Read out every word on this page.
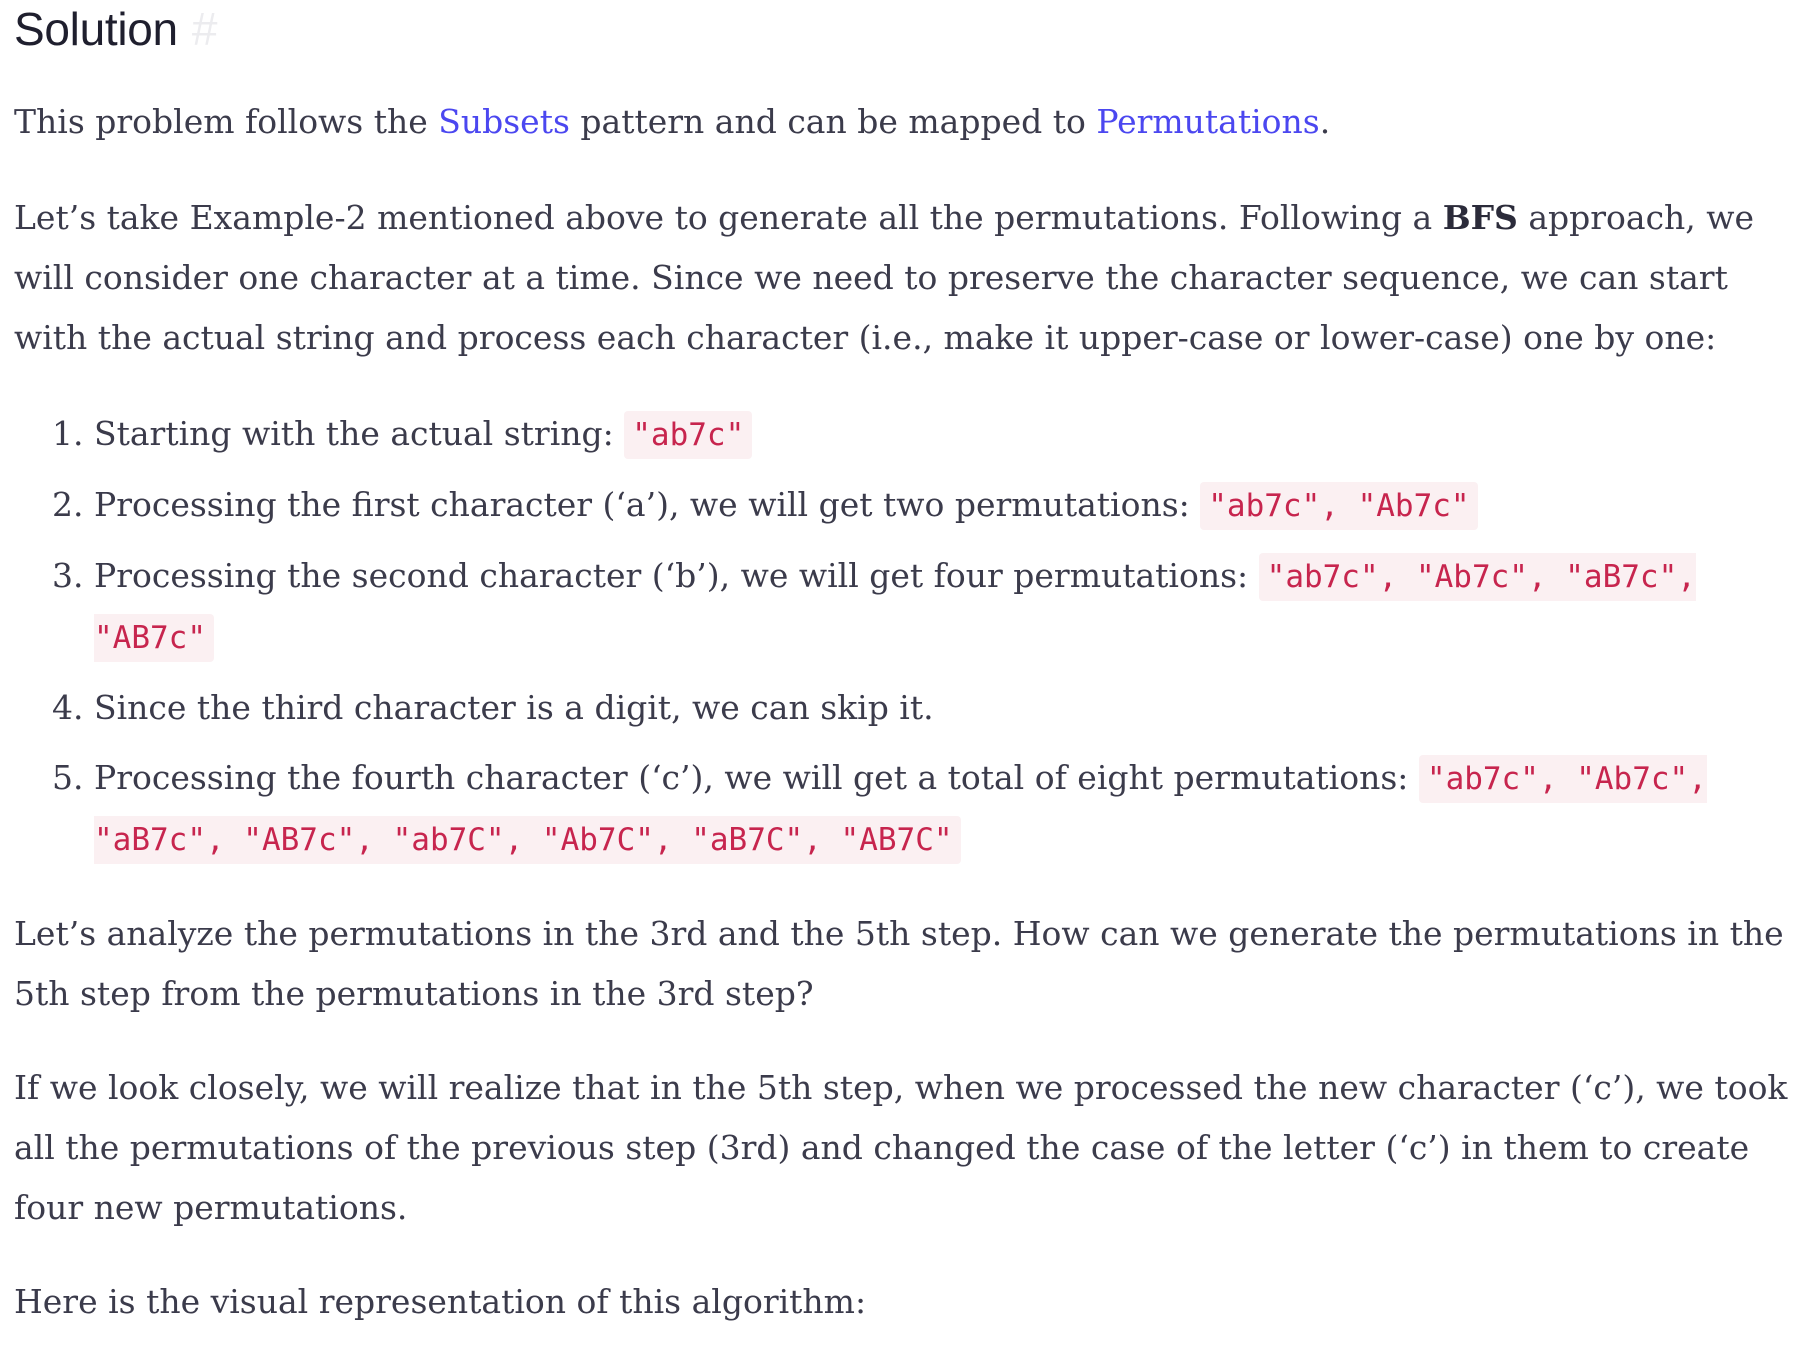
Solution #

This problem follows the Subsets pattern and can be mapped to Permutations.

Let’s take Example-2 mentioned above to generate all the permutations. Following a BFS approach, we will consider one character at a time. Since we need to preserve the character sequence, we can start with the actual string and process each character (i.e., make it upper-case or lower-case) one by one:

1. Starting with the actual string: "ab7c"
2. Processing the first character (‘a’), we will get two permutations: "ab7c", "Ab7c"
3. Processing the second character (‘b’), we will get four permutations: "ab7c", "Ab7c", "aB7c", "AB7c"
4. Since the third character is a digit, we can skip it.
5. Processing the fourth character (‘c’), we will get a total of eight permutations: "ab7c", "Ab7c", "aB7c", "AB7c", "ab7C", "Ab7C", "aB7C", "AB7C"

Let’s analyze the permutations in the 3rd and the 5th step. How can we generate the permutations in the 5th step from the permutations in the 3rd step?

If we look closely, we will realize that in the 5th step, when we processed the new character (‘c’), we took all the permutations of the previous step (3rd) and changed the case of the letter (‘c’) in them to create four new permutations.

Here is the visual representation of this algorithm:
